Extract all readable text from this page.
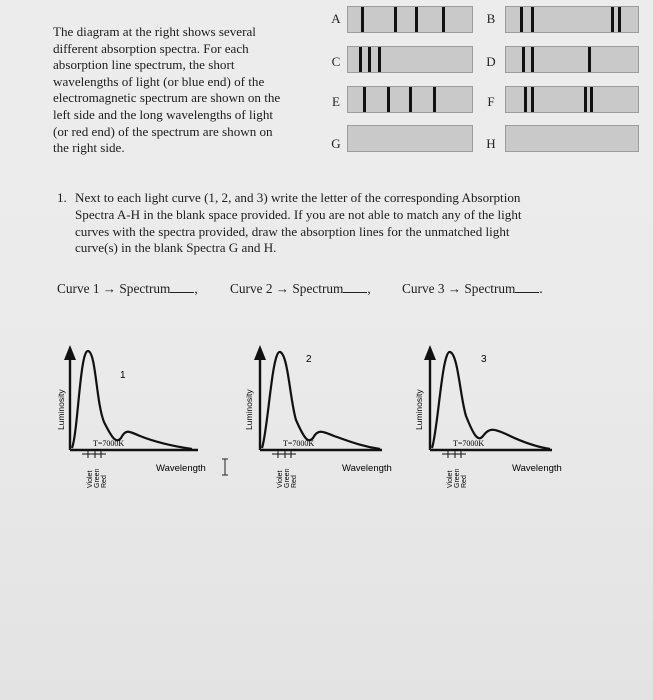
The diagram at the right shows several
different absorption spectra. For each
absorption line spectrum, the short
wavelengths of light (or blue end) of the
electromagnetic spectrum are shown on the
left side and the long wavelengths of light
(or red end) of the spectrum are shown on
the right side.

A	B
C	D
E	F
G	H
1. Next to each light curve (1, 2, and 3) write the letter of the corresponding Absorption
Spectra A-H in the blank space provided. If you are not able to match any of the light
curves with the spectra provided, draw the absorption lines for the unmatched light
curve(s) in the blank Spectra G and H.

Curve 1 → Spectrum , Curve 2 → Spectrum , Curve 3 → Spectrum .
1
Luminosity
T=7000K
Violet Green Red
Wavelength
2
Luminosity
T=7000K
Violet Green Red
Wavelength
3
Luminosity
T=7000K
Violet Green Red
Wavelength
